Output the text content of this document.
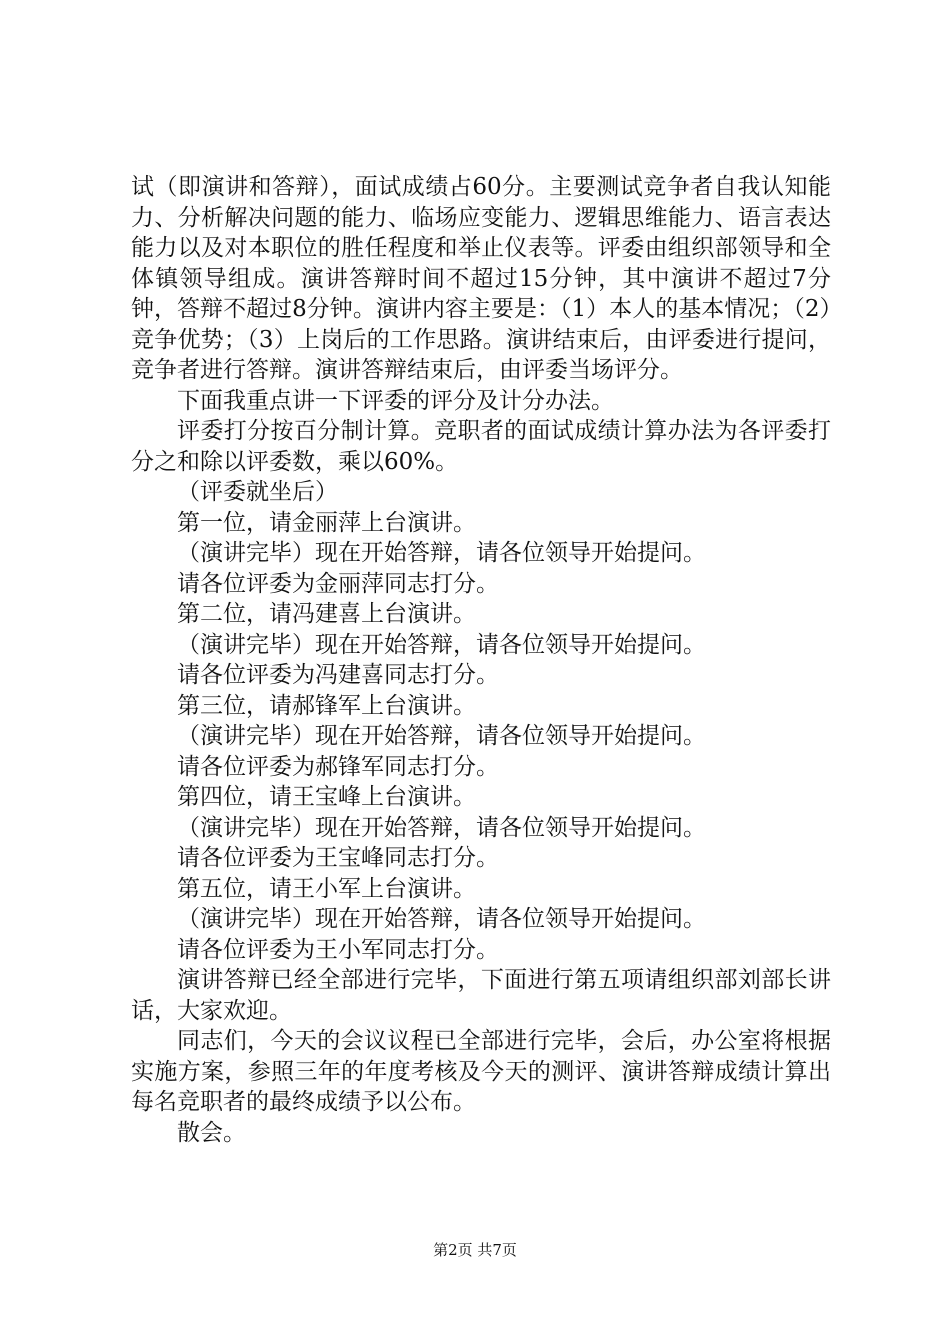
试（即演讲和答辩），面试成绩占60分。主要测试竞争者自我认知能力、分析解决问题的能力、临场应变能力、逻辑思维能力、语言表达能力以及对本职位的胜任程度和举止仪表等。评委由组织部领导和全体镇领导组成。演讲答辩时间不超过15分钟，其中演讲不超过7分钟，答辩不超过8分钟。演讲内容主要是：（1）本人的基本情况；（2）竞争优势；（3）上岗后的工作思路。演讲结束后，由评委进行提问，竞争者进行答辩。演讲答辩结束后，由评委当场评分。

下面我重点讲一下评委的评分及计分办法。

评委打分按百分制计算。竞职者的面试成绩计算办法为各评委打分之和除以评委数，乘以60%。

（评委就坐后）

第一位，请金丽萍上台演讲。

（演讲完毕）现在开始答辩，请各位领导开始提问。

请各位评委为金丽萍同志打分。

第二位，请冯建喜上台演讲。

（演讲完毕）现在开始答辩，请各位领导开始提问。

请各位评委为冯建喜同志打分。

第三位，请郝锋军上台演讲。

（演讲完毕）现在开始答辩，请各位领导开始提问。

请各位评委为郝锋军同志打分。

第四位，请王宝峰上台演讲。

（演讲完毕）现在开始答辩，请各位领导开始提问。

请各位评委为王宝峰同志打分。

第五位，请王小军上台演讲。

（演讲完毕）现在开始答辩，请各位领导开始提问。

请各位评委为王小军同志打分。

演讲答辩已经全部进行完毕，下面进行第五项请组织部刘部长讲话，大家欢迎。

同志们，今天的会议议程已全部进行完毕，会后，办公室将根据实施方案，参照三年的年度考核及今天的测评、演讲答辩成绩计算出每名竞职者的最终成绩予以公布。

散会。

第2页 共7页
